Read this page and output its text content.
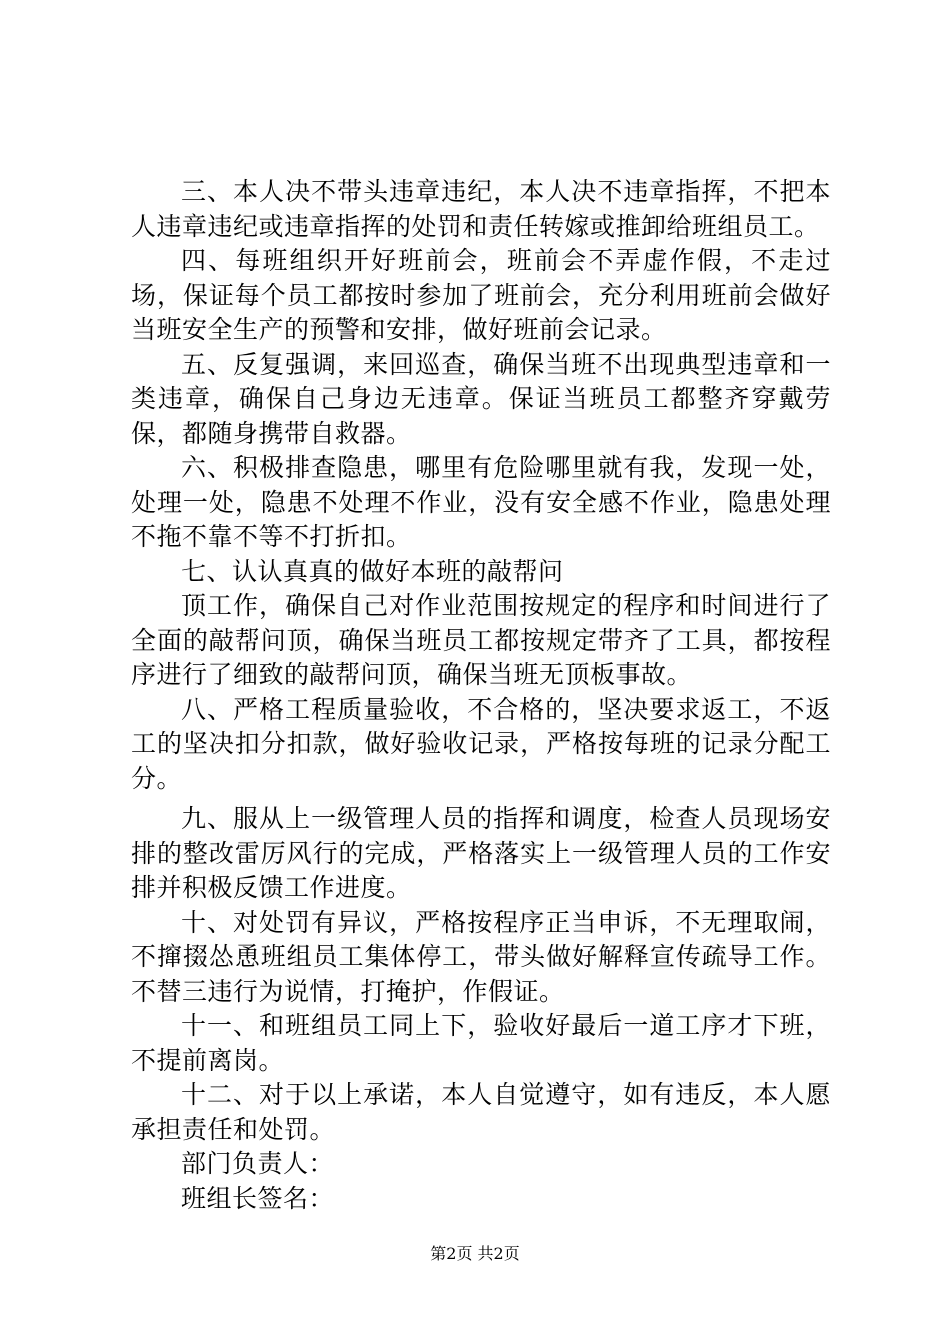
三、本人决不带头违章违纪，本人决不违章指挥，不把本人违章违纪或违章指挥的处罚和责任转嫁或推卸给班组员工。

四、每班组织开好班前会，班前会不弄虚作假，不走过场，保证每个员工都按时参加了班前会，充分利用班前会做好当班安全生产的预警和安排，做好班前会记录。

五、反复强调，来回巡查，确保当班不出现典型违章和一类违章，确保自己身边无违章。保证当班员工都整齐穿戴劳保，都随身携带自救器。

六、积极排查隐患，哪里有危险哪里就有我，发现一处，处理一处，隐患不处理不作业，没有安全感不作业，隐患处理不拖不靠不等不打折扣。

七、认认真真的做好本班的敲帮问

顶工作，确保自己对作业范围按规定的程序和时间进行了全面的敲帮问顶，确保当班员工都按规定带齐了工具，都按程序进行了细致的敲帮问顶，确保当班无顶板事故。

八、严格工程质量验收，不合格的，坚决要求返工，不返工的坚决扣分扣款，做好验收记录，严格按每班的记录分配工分。

九、服从上一级管理人员的指挥和调度，检查人员现场安排的整改雷厉风行的完成，严格落实上一级管理人员的工作安排并积极反馈工作进度。

十、对处罚有异议，严格按程序正当申诉，不无理取闹，不撺掇怂恿班组员工集体停工，带头做好解释宣传疏导工作。不替三违行为说情，打掩护，作假证。

十一、和班组员工同上下，验收好最后一道工序才下班，不提前离岗。

十二、对于以上承诺，本人自觉遵守，如有违反，本人愿承担责任和处罚。

部门负责人：

班组长签名：

第2页 共2页
